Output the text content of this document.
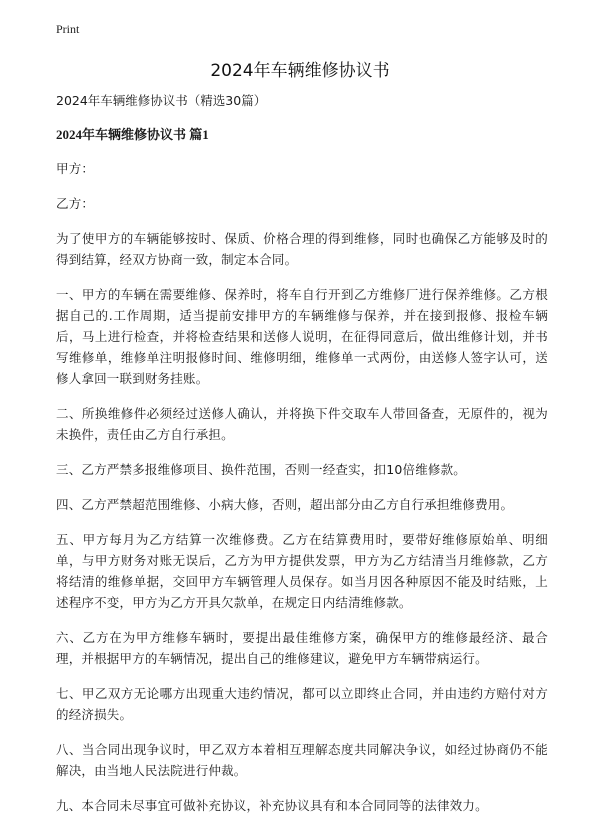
Print
2024年车辆维修协议书
2024年车辆维修协议书（精选30篇）
2024年车辆维修协议书 篇1

甲方：

乙方：

为了使甲方的车辆能够按时、保质、价格合理的得到维修，同时也确保乙方能够及时的得到结算，经双方协商一致，制定本合同。

一、甲方的车辆在需要维修、保养时，将车自行开到乙方维修厂进行保养维修。乙方根据自己的.工作周期，适当提前安排甲方的车辆维修与保养，并在接到报修、报检车辆后，马上进行检查，并将检查结果和送修人说明，在征得同意后，做出维修计划，并书写维修单，维修单注明报修时间、维修明细，维修单一式两份，由送修人签字认可，送修人拿回一联到财务挂账。

二、所换维修件必须经过送修人确认，并将换下件交取车人带回备查，无原件的，视为未换件，责任由乙方自行承担。

三、乙方严禁多报维修项目、换件范围，否则一经查实，扣10倍维修款。

四、乙方严禁超范围维修、小病大修，否则，超出部分由乙方自行承担维修费用。

五、甲方每月为乙方结算一次维修费。乙方在结算费用时，要带好维修原始单、明细单，与甲方财务对账无误后，乙方为甲方提供发票，甲方为乙方结清当月维修款，乙方将结清的维修单据，交回甲方车辆管理人员保存。如当月因各种原因不能及时结账，上述程序不变，甲方为乙方开具欠款单，在规定日内结清维修款。

六、乙方在为甲方维修车辆时，要提出最佳维修方案，确保甲方的维修最经济、最合理，并根据甲方的车辆情况，提出自己的维修建议，避免甲方车辆带病运行。

七、甲乙双方无论哪方出现重大违约情况，都可以立即终止合同，并由违约方赔付对方的经济损失。

八、当合同出现争议时，甲乙双方本着相互理解态度共同解决争议，如经过协商仍不能解决，由当地人民法院进行仲裁。

九、本合同未尽事宜可做补充协议，补充协议具有和本合同同等的法律效力。
